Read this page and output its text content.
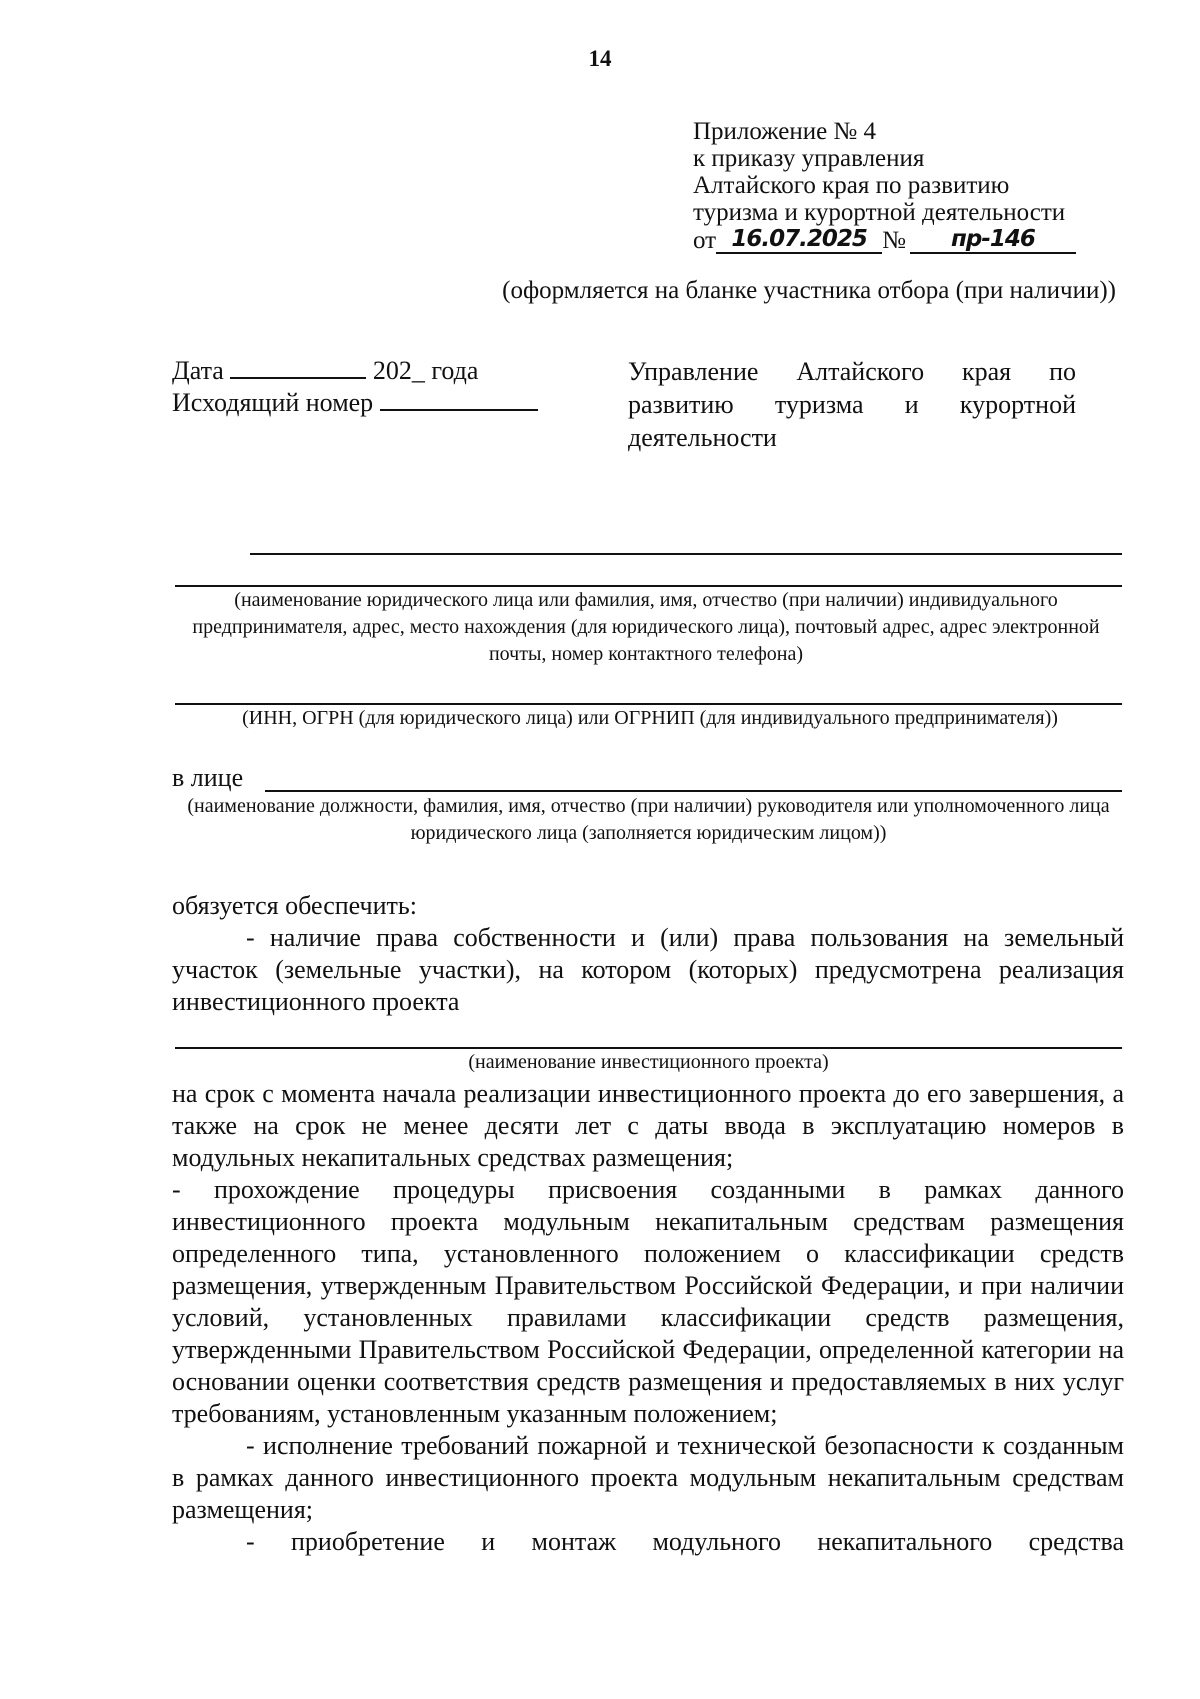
14
Приложение № 4
к приказу управления
Алтайского края по развитию
туризма и курортной деятельности
от 16.07.2025 №	пр-146
(оформляется на бланке участника отбора (при наличии))
Дата	202_ года
Исходящий номер
Управление Алтайского края по
развитию туризма и курортной
деятельности
(наименование юридического лица или фамилия, имя, отчество (при наличии) индивидуального предпринимателя, адрес, место нахождения (для юридического лица), почтовый адрес, адрес электронной почты, номер контактного телефона)
(ИНН, ОГРН (для юридического лица) или ОГРНИП (для индивидуального предпринимателя))
в лице
(наименование должности, фамилия, имя, отчество (при наличии) руководителя или уполномоченного лица юридического лица (заполняется юридическим лицом))

обязуется обеспечить:

- наличие права собственности и (или) права пользования на земельный участок (земельные участки), на котором (которых) предусмотрена реализация инвестиционного проекта

(наименование инвестиционного проекта)

на срок с момента начала реализации инвестиционного проекта до его завершения, а также на срок не менее десяти лет с даты ввода в эксплуатацию номеров в модульных некапитальных средствах размещения;

- прохождение процедуры присвоения созданными в рамках данного инвестиционного проекта модульным некапитальным средствам размещения определенного типа, установленного положением о классификации средств размещения, утвержденным Правительством Российской Федерации, и при наличии условий, установленных правилами классификации средств размещения, утвержденными Правительством Российской Федерации, определенной категории на основании оценки соответствия средств размещения и предоставляемых в них услуг требованиям, установленным указанным положением;

- исполнение требований пожарной и технической безопасности к созданным в рамках данного инвестиционного проекта модульным некапитальным средствам размещения;

- приобретение и монтаж модульного некапитального средства
